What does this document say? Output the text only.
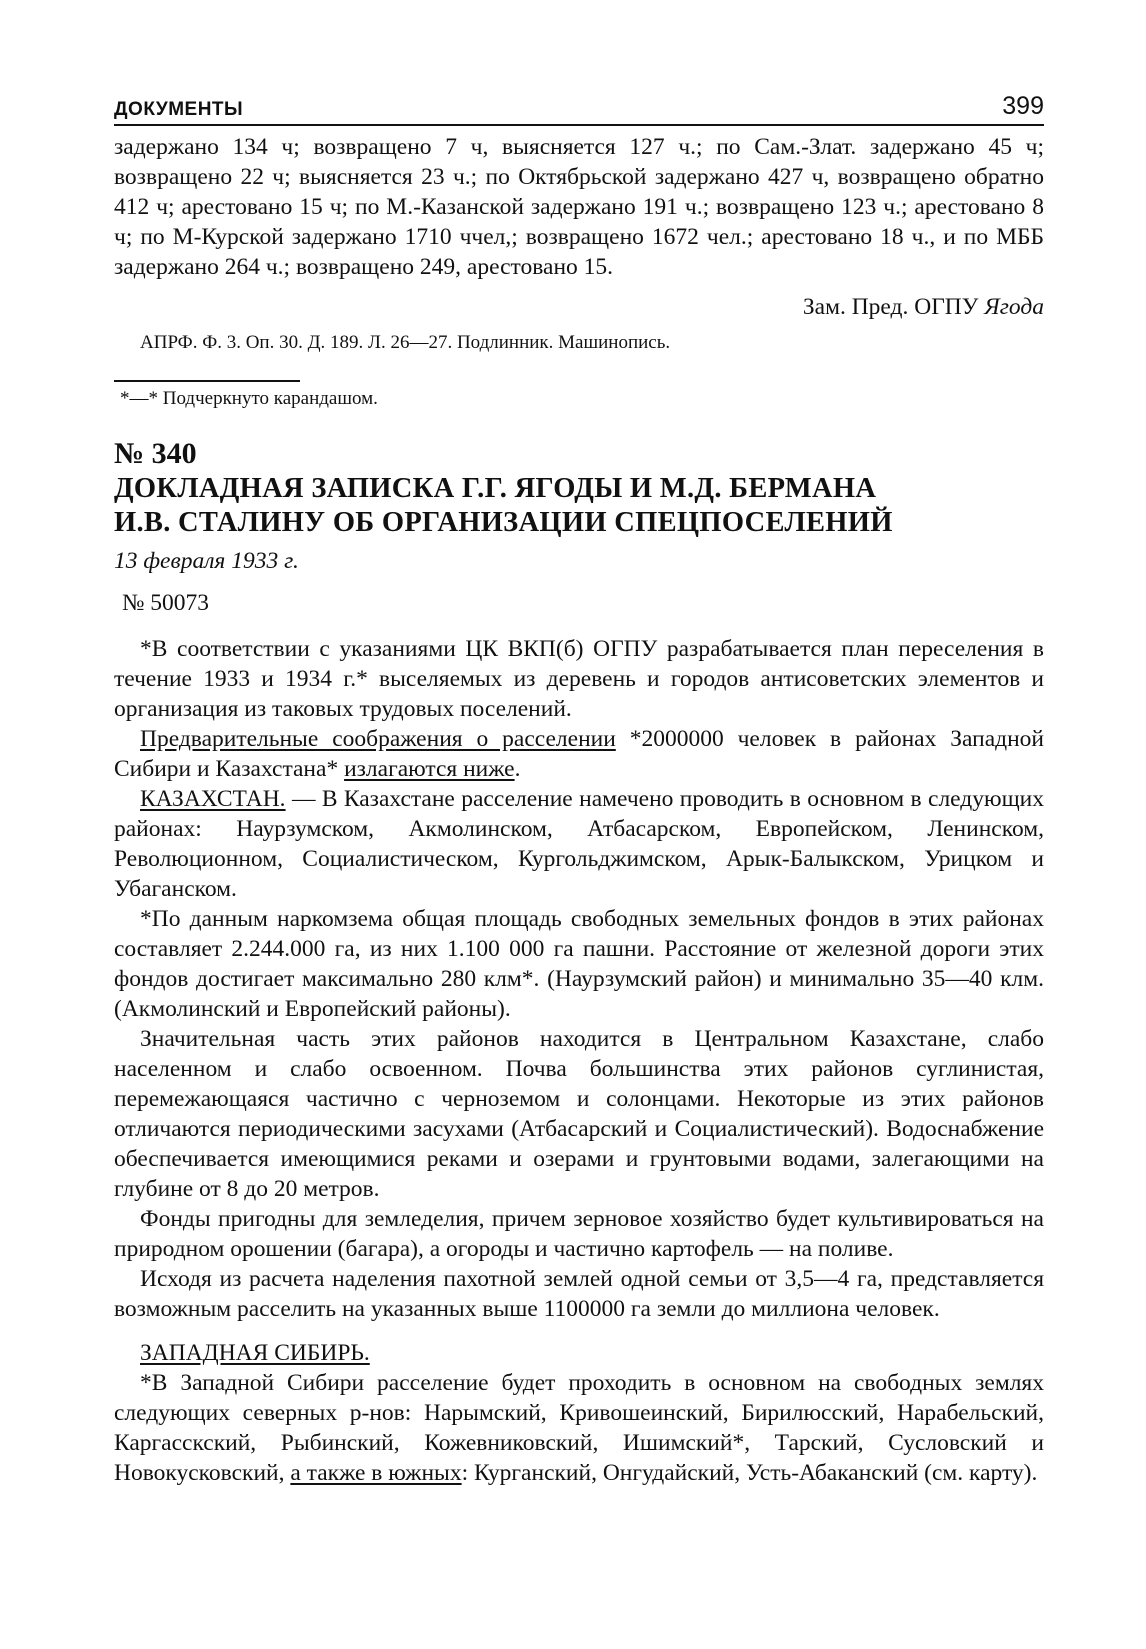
ДОКУМЕНТЫ	399

задержано 134 ч; возвращено 7 ч, выясняется 127 ч.; по Сам.-Злат. задержано 45 ч; возвращено 22 ч; выясняется 23 ч.; по Октябрьской задержано 427 ч, возвращено обратно 412 ч; арестовано 15 ч; по М.-Казанской задержано 191 ч.; возвращено 123 ч.; арестовано 8 ч; по М-Курской задержано 1710 ччел,; возвращено 1672 чел.; арестовано 18 ч., и по МББ задержано 264 ч.; возвращено 249, арестовано 15.

Зам. Пред. ОГПУ Ягода
АПРФ. Ф. 3. Оп. 30. Д. 189. Л. 26—27. Подлинник. Машинопись.
*—* Подчеркнуто карандашом.
№ 340
ДОКЛАДНАЯ ЗАПИСКА Г.Г. ЯГОДЫ И М.Д. БЕРМАНА
И.В. СТАЛИНУ ОБ ОРГАНИЗАЦИИ СПЕЦПОСЕЛЕНИЙ
13 февраля 1933 г.
№ 50073

*В соответствии с указаниями ЦК ВКП(б) ОГПУ разрабатывается план переселения в течение 1933 и 1934 г.* выселяемых из деревень и городов антисоветских элементов и организация из таковых трудовых поселений.

Предварительные соображения о расселении *2000000 человек в районах Западной Сибири и Казахстана* излагаются ниже.

КАЗАХСТАН. — В Казахстане расселение намечено проводить в основном в следующих районах: Наурзумском, Акмолинском, Атбасарском, Европейском, Ленинском, Революционном, Социалистическом, Кургольджимском, Арык-Балыкском, Урицком и Убаганском.

*По данным наркомзема общая площадь свободных земельных фондов в этих районах составляет 2.244.000 га, из них 1.100 000 га пашни. Расстояние от железной дороги этих фондов достигает максимально 280 клм*. (Наурзумский район) и минимально 35—40 клм. (Акмолинский и Европейский районы).

Значительная часть этих районов находится в Центральном Казахстане, слабо населенном и слабо освоенном. Почва большинства этих районов суглинистая, перемежающаяся частично с черноземом и солонцами. Некоторые из этих районов отличаются периодическими засухами (Атбасарский и Социалистический). Водоснабжение обеспечивается имеющимися реками и озерами и грунтовыми водами, залегающими на глубине от 8 до 20 метров.

Фонды пригодны для земледелия, причем зерновое хозяйство будет культивироваться на природном орошении (багара), а огороды и частично картофель — на поливе.

Исходя из расчета наделения пахотной землей одной семьи от 3,5—4 га, представляется возможным расселить на указанных выше 1100000 га земли до миллиона человек.

ЗАПАДНАЯ СИБИРЬ.

*В Западной Сибири расселение будет проходить в основном на свободных землях следующих северных р-нов: Нарымский, Кривошеинский, Бирилюсский, Нарабельский, Каргасскский, Рыбинский, Кожевниковский, Ишимский*, Тарский, Сусловский и Новокусковский, а также в южных: Курганский, Онгудайский, Усть-Абаканский (см. карту).
